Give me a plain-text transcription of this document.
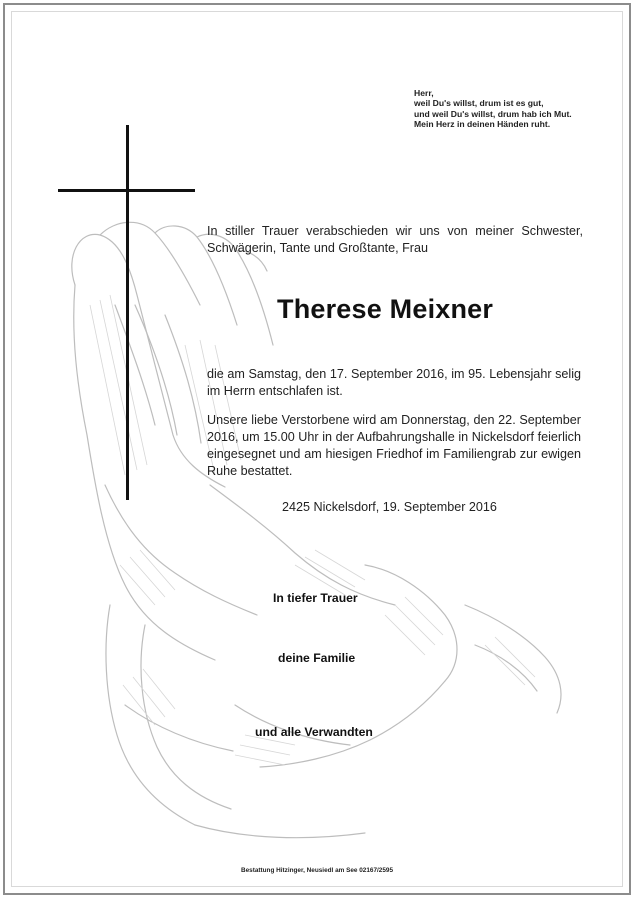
Herr,
weil Du's willst, drum ist es gut,
und weil Du's willst, drum hab ich Mut.
Mein Herz in deinen Händen ruht.
In stiller Trauer verabschieden wir uns von meiner Schwester, Schwägerin, Tante und Großtante, Frau
Therese Meixner
die am Samstag, den 17. September 2016, im 95. Lebensjahr selig im Herrn entschlafen ist.
Unsere liebe Verstorbene wird am Donnerstag, den 22. September 2016, um 15.00 Uhr in der Aufbahrungshalle in Nickelsdorf feierlich eingesegnet und am hiesigen Friedhof im Familiengrab zur ewigen Ruhe bestattet.
2425 Nickelsdorf, 19. September 2016
In tiefer Trauer
deine Familie
und alle Verwandten
Bestattung Hitzinger, Neusiedl am See 02167/2595
